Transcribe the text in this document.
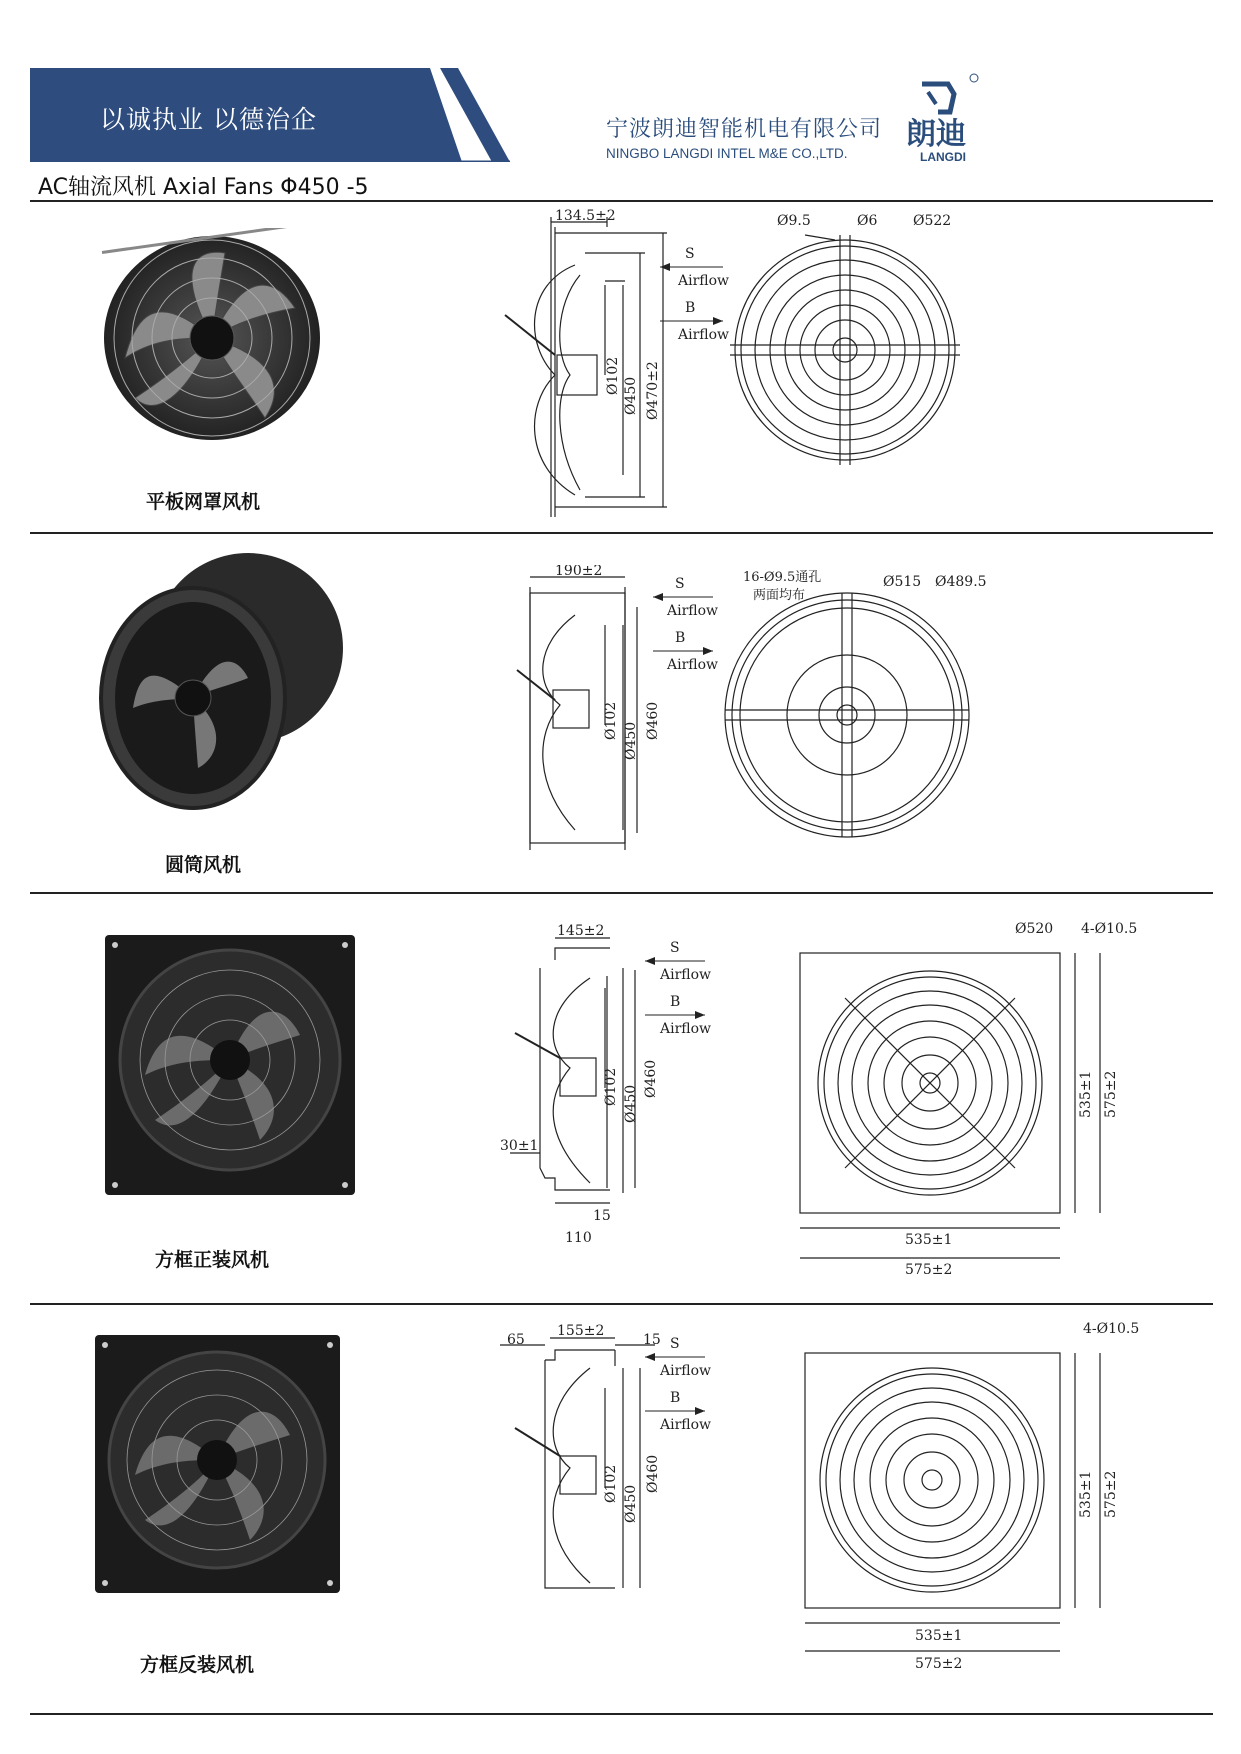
以诚执业 以德治企	宁波朗迪智能机电有限公司
NINGBO LANGDI INTEL M&E CO.,LTD.
朗迪
LANGDI
AC轴流风机 Axial Fans Φ450 -5
平板网罩风机
134.5±2
Ø102
Ø450 Ø470±2
S
Airflow
B
Airflow
Ø9.5	Ø6	Ø522
圆筒风机
190±2
Ø102
Ø450
Ø460
S
Airflow
B
Airflow
16-Ø9.5通孔
两面均布
Ø515 Ø489.5
方框正装风机
145±2
Ø102 Ø450
Ø460
30±1
15
110
S
Airflow
B
Airflow
Ø520 4-Ø10.5
535±1
575±2
535±1 575±2
方框反装风机
65
155±2
15
Ø102
Ø450
Ø460
S
Airflow
B
Airflow
4-Ø10.5
535±1
575±2
535±1 575±2
